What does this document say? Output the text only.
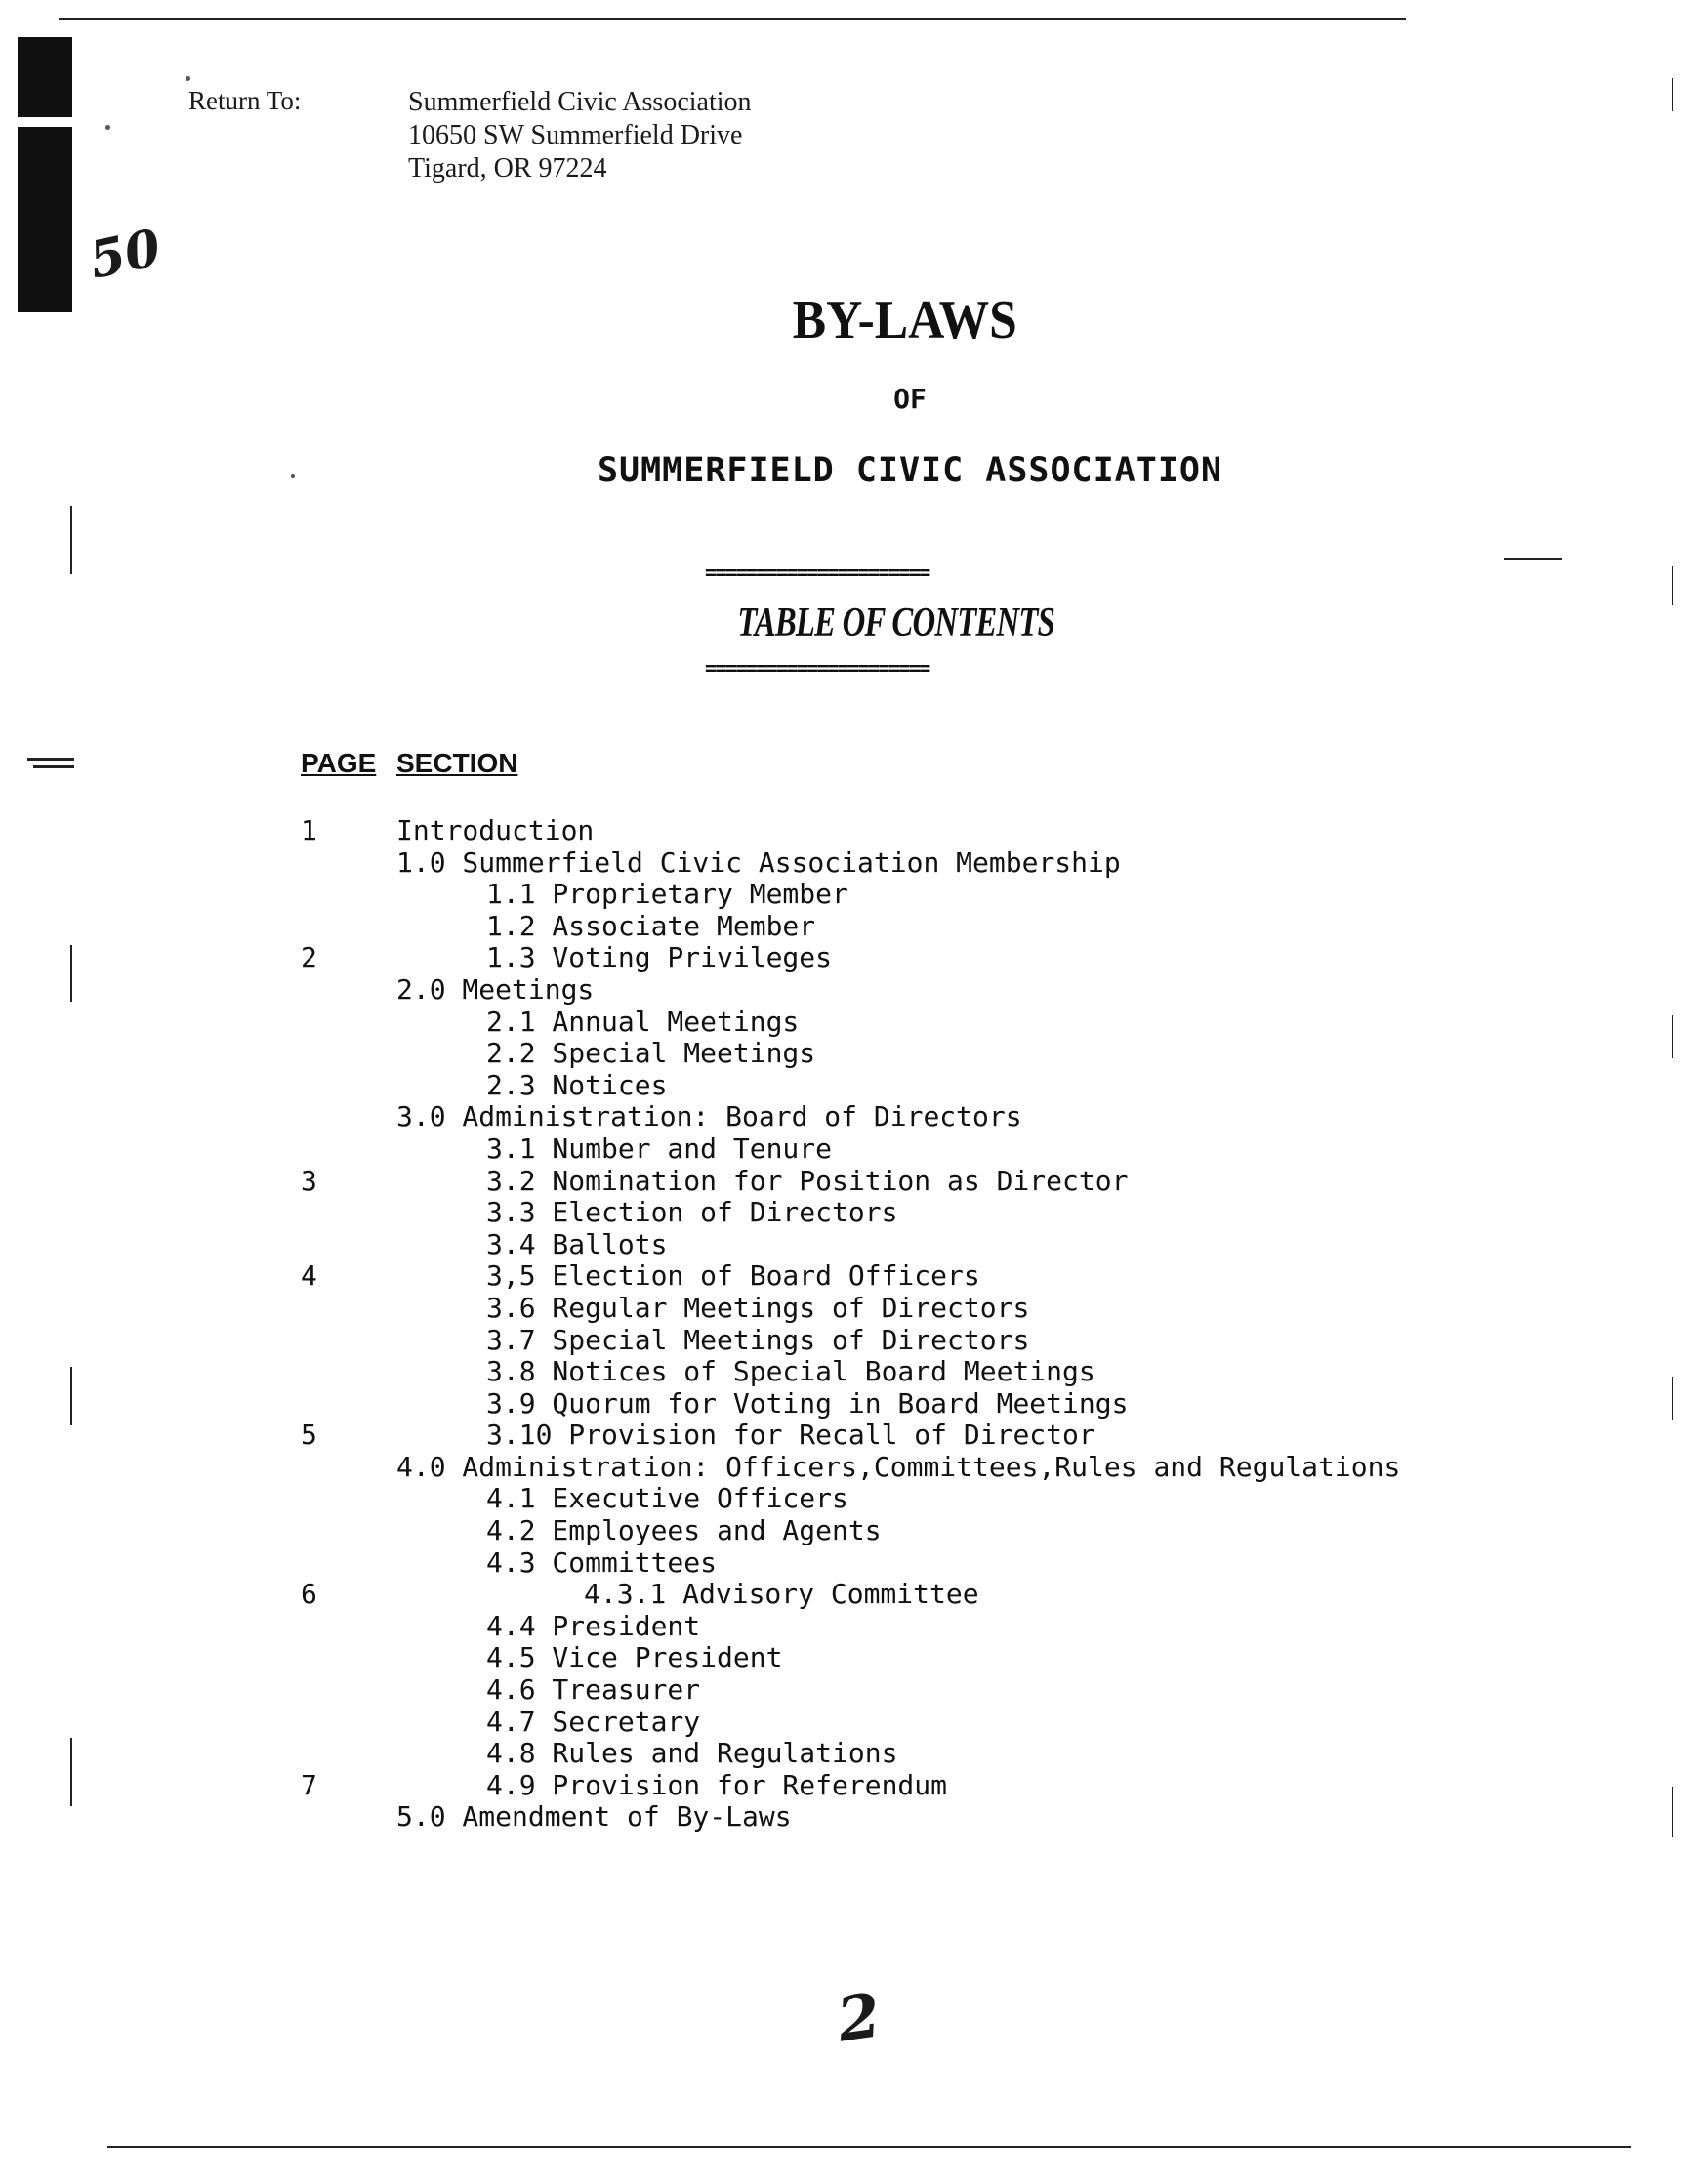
Return To:	Summerfield Civic Association
10650 SW Summerfield Drive
Tigard, OR 97224
50
BY-LAWS
OF
SUMMERFIELD CIVIC ASSOCIATION
======================
TABLE OF CONTENTS
======================
PAGE SECTION
1	Introduction
1.0 Summerfield Civic Association Membership
1.1 Proprietary Member
1.2 Associate Member
2	1.3 Voting Privileges
2.0 Meetings
2.1 Annual Meetings
2.2 Special Meetings
2.3 Notices
3.0 Administration: Board of Directors
3.1 Number and Tenure
3	3.2 Nomination for Position as Director
3.3 Election of Directors
3.4 Ballots
4	3,5 Election of Board Officers
3.6 Regular Meetings of Directors
3.7 Special Meetings of Directors
3.8 Notices of Special Board Meetings
3.9 Quorum for Voting in Board Meetings
5	3.10 Provision for Recall of Director
4.0 Administration: Officers,Committees,Rules and Regulations
4.1 Executive Officers
4.2 Employees and Agents
4.3 Committees
6	4.3.1 Advisory Committee
4.4 President
4.5 Vice President
4.6 Treasurer
4.7 Secretary
4.8 Rules and Regulations
7	4.9 Provision for Referendum
5.0 Amendment of By-Laws
2
